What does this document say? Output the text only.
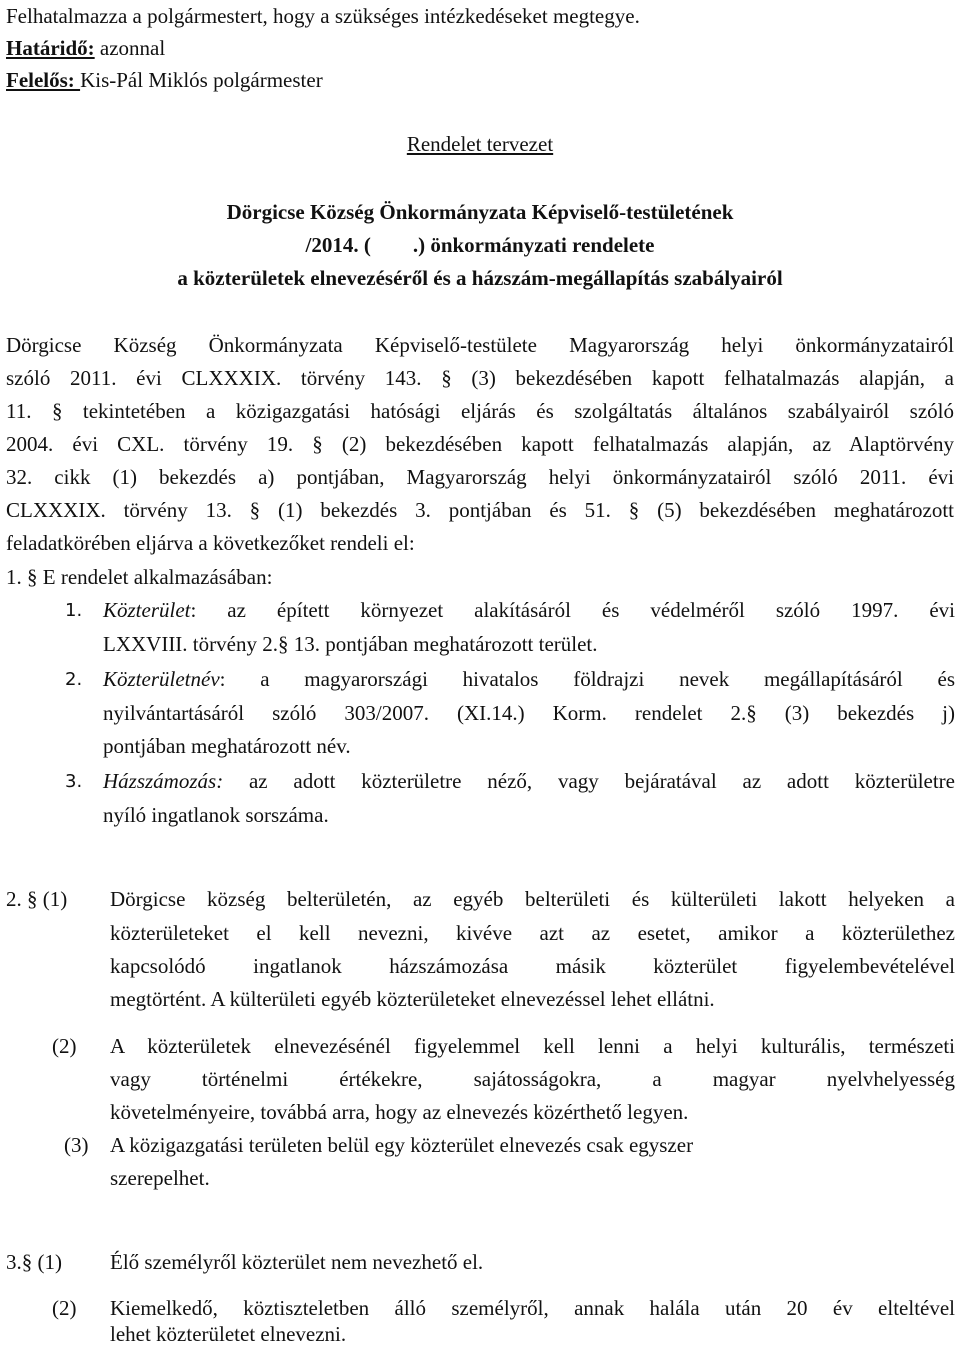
Felhatalmazza a polgármestert, hogy a szükséges intézkedéseket megtegye.
Határidő: azonnal
Felelős: Kis-Pál Miklós polgármester
Rendelet tervezet
Dörgicse Község Önkormányzata Képviselő-testületének
/2014. (        .) önkormányzati rendelete
a közterületek elnevezéséről és a házszám-megállapítás szabályairól
Dörgicse Község Önkormányzata Képviselő-testülete Magyarország helyi önkormányzatairól
szóló 2011. évi CLXXXIX. törvény 143. § (3) bekezdésében kapott felhatalmazás alapján, a
11. § tekintetében a közigazgatási hatósági eljárás és szolgáltatás általános szabályairól szóló
2004. évi CXL. törvény 19. § (2) bekezdésében kapott felhatalmazás alapján, az Alaptörvény
32. cikk (1) bekezdés a) pontjában, Magyarország helyi önkormányzatairól szóló 2011. évi
CLXXXIX. törvény 13. § (1) bekezdés 3. pontjában és 51. § (5) bekezdésében meghatározott
feladatkörében eljárva a következőket rendeli el:
1. § E rendelet alkalmazásában:
1. Közterület: az épített környezet alakításáról és védelméről szóló 1997. évi
LXXVIII. törvény 2.§ 13. pontjában meghatározott terület.
2. Közterületnév: a magyarországi hivatalos földrajzi nevek megállapításáról és
nyilvántartásáról szóló 303/2007. (XI.14.) Korm. rendelet 2.§ (3) bekezdés j)
pontjában meghatározott név.
3. Házszámozás: az adott közterületre néző, vagy bejáratával az adott közterületre
nyíló ingatlanok sorszáma.
2. § (1) Dörgicse község belterületén, az egyéb belterületi és külterületi lakott helyeken a
közterületeket el kell nevezni, kivéve azt az esetet, amikor a közterülethez
kapcsolódó ingatlanok házszámozása másik közterület figyelembevételével
megtörtént. A külterületi egyéb közterületeket elnevezéssel lehet ellátni.
(2) A közterületek elnevezésénél figyelemmel kell lenni a helyi kulturális, természeti
vagy történelmi értékekre, sajátosságokra, a magyar nyelvhelyesség
követelményeire, továbbá arra, hogy az elnevezés közérthető legyen.
(3) A közigazgatási területen belül egy közterület elnevezés csak egyszer
szerepelhet.
3.§ (1) Élő személyről közterület nem nevezhető el.
(2) Kiemelkedő, köztiszteletben álló személyről, annak halála után 20 év elteltével
lehet közterületet elnevezni.
